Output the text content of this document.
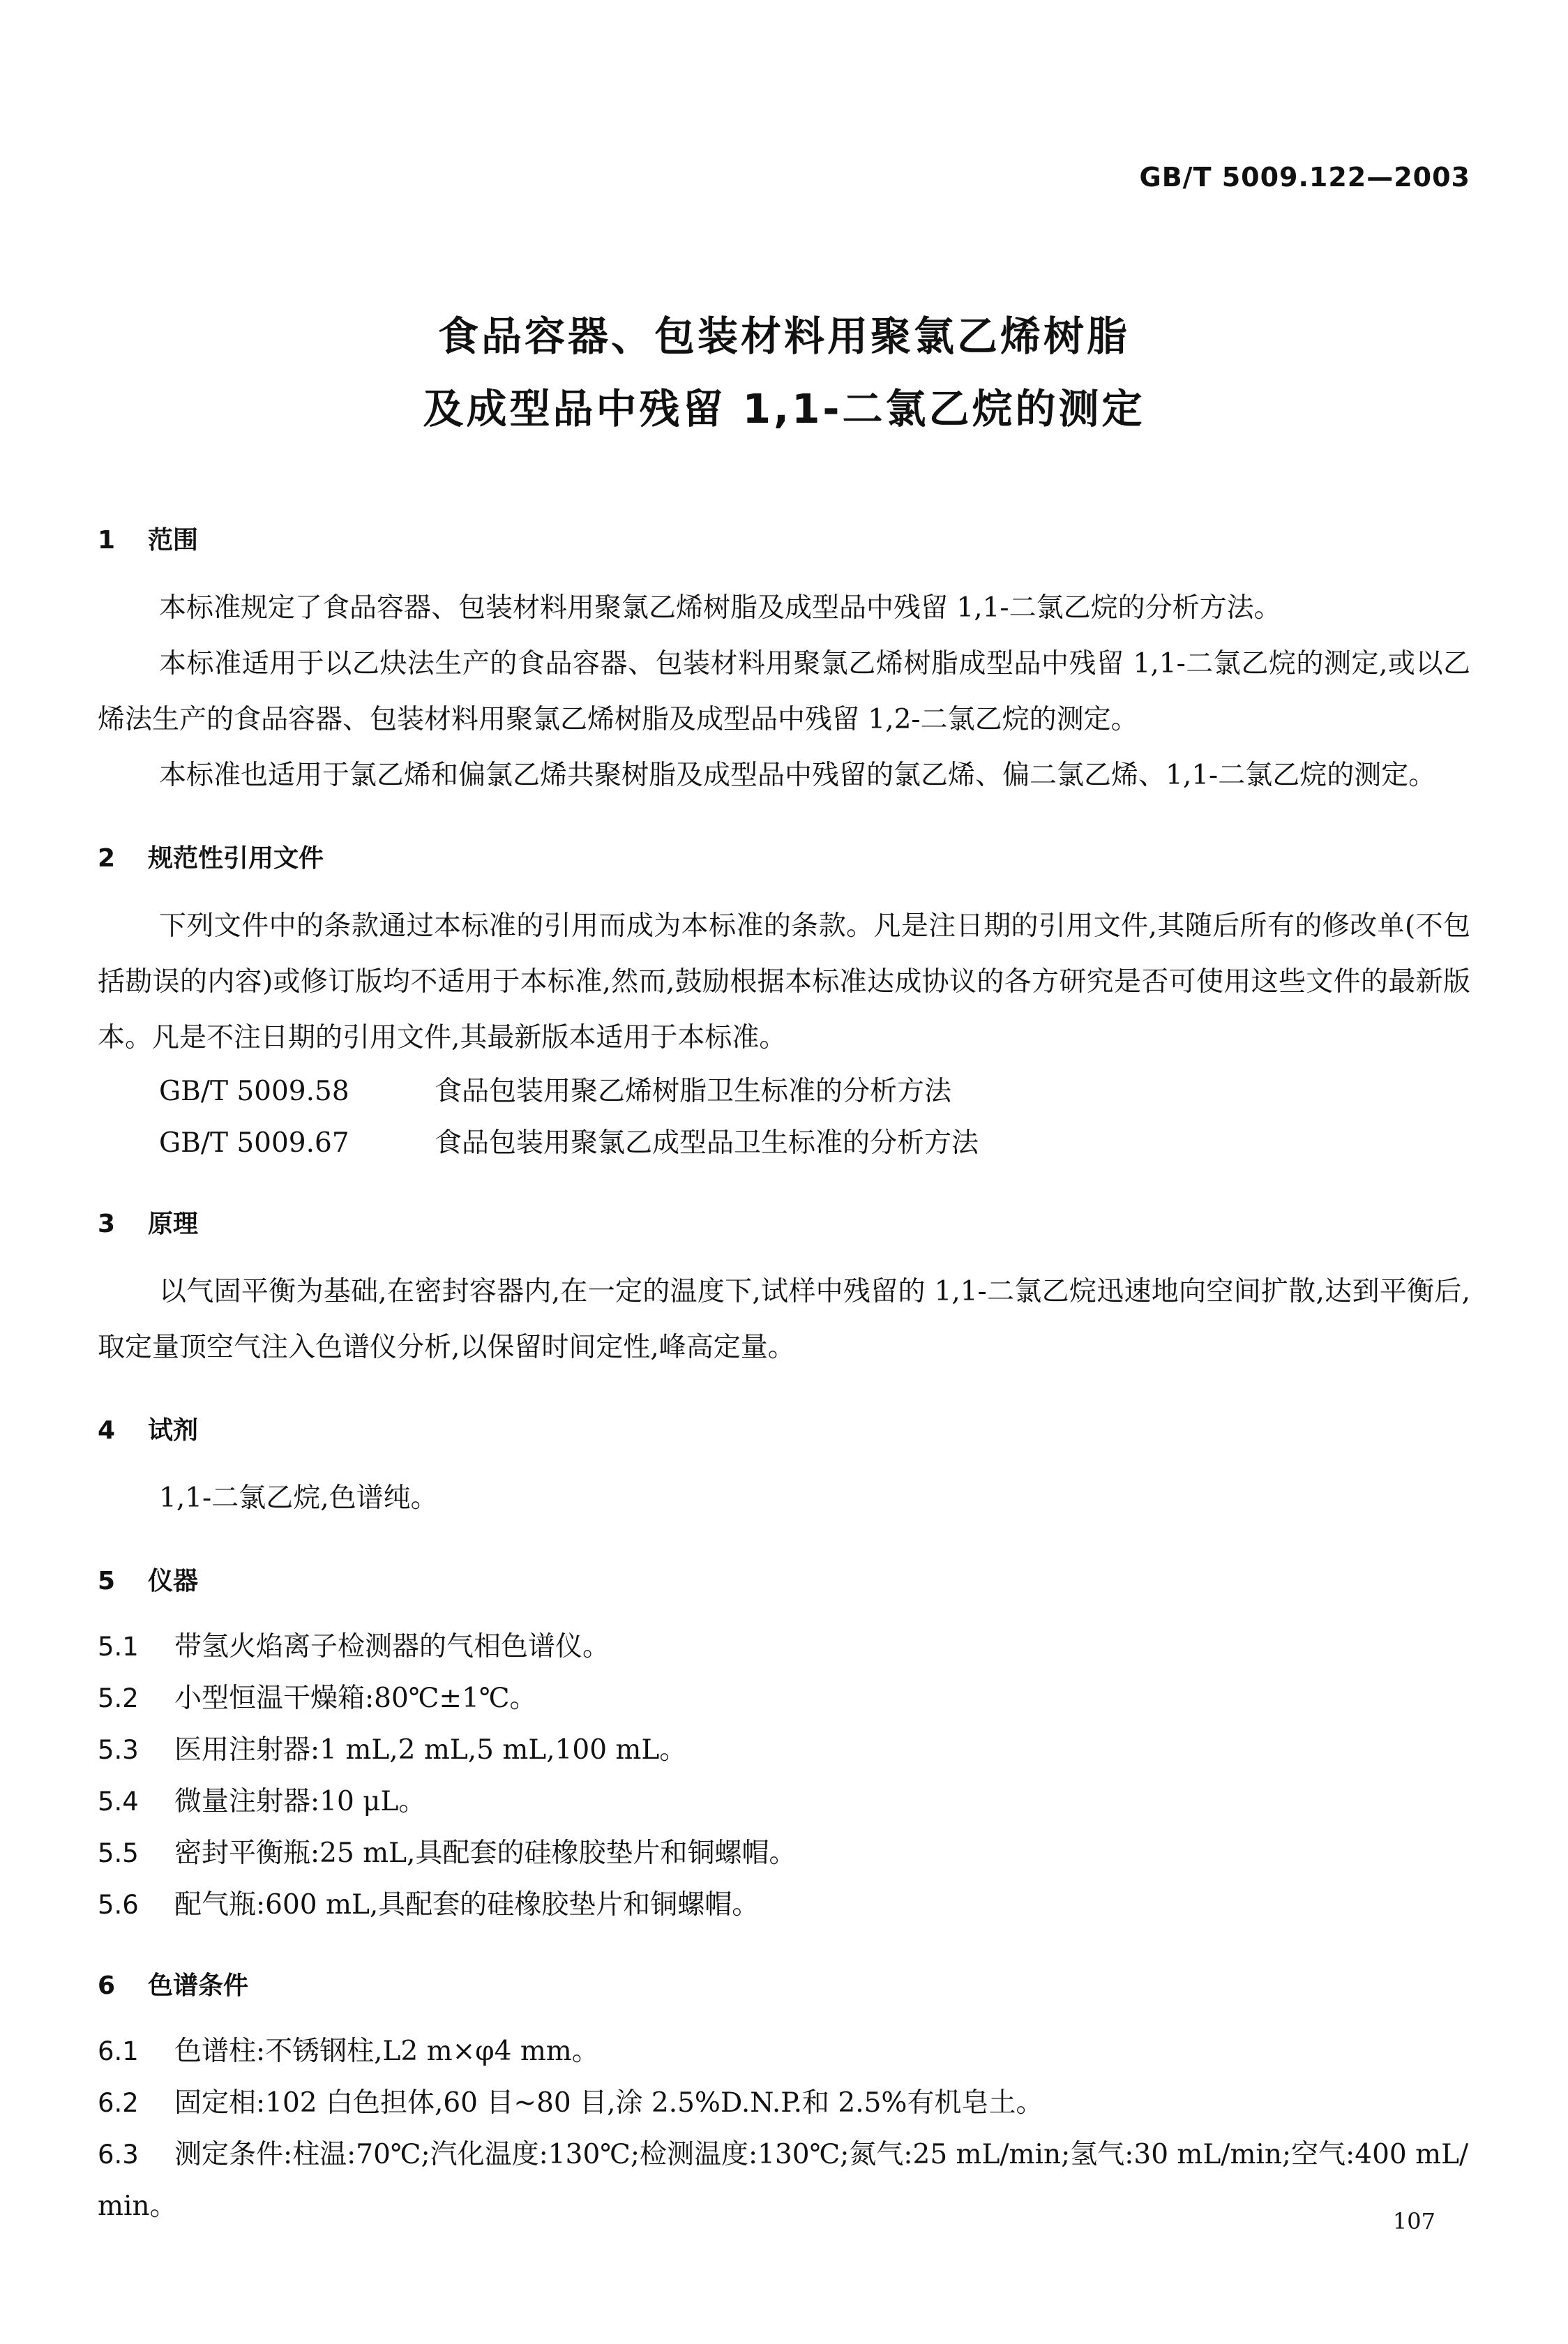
GB/T 5009.122—2003
食品容器、包装材料用聚氯乙烯树脂
及成型品中残留 1,1-二氯乙烷的测定
1 范围
本标准规定了食品容器、包装材料用聚氯乙烯树脂及成型品中残留 1,1-二氯乙烷的分析方法。
本标准适用于以乙炔法生产的食品容器、包装材料用聚氯乙烯树脂成型品中残留 1,1-二氯乙烷的测定,或以乙烯法生产的食品容器、包装材料用聚氯乙烯树脂及成型品中残留 1,2-二氯乙烷的测定。
本标准也适用于氯乙烯和偏氯乙烯共聚树脂及成型品中残留的氯乙烯、偏二氯乙烯、1,1-二氯乙烷的测定。
2 规范性引用文件
下列文件中的条款通过本标准的引用而成为本标准的条款。凡是注日期的引用文件,其随后所有的修改单(不包括勘误的内容)或修订版均不适用于本标准,然而,鼓励根据本标准达成协议的各方研究是否可使用这些文件的最新版本。凡是不注日期的引用文件,其最新版本适用于本标准。
GB/T 5009.58	食品包装用聚乙烯树脂卫生标准的分析方法
GB/T 5009.67	食品包装用聚氯乙成型品卫生标准的分析方法
3 原理
以气固平衡为基础,在密封容器内,在一定的温度下,试样中残留的 1,1-二氯乙烷迅速地向空间扩散,达到平衡后,取定量顶空气注入色谱仪分析,以保留时间定性,峰高定量。
4 试剂
1,1-二氯乙烷,色谱纯。
5 仪器
5.1 带氢火焰离子检测器的气相色谱仪。
5.2 小型恒温干燥箱:80℃±1℃。
5.3 医用注射器:1 mL,2 mL,5 mL,100 mL。
5.4 微量注射器:10 μL。
5.5 密封平衡瓶:25 mL,具配套的硅橡胶垫片和铜螺帽。
5.6 配气瓶:600 mL,具配套的硅橡胶垫片和铜螺帽。
6 色谱条件
6.1 色谱柱:不锈钢柱,L2 m×φ4 mm。
6.2 固定相:102 白色担体,60 目~80 目,涂 2.5%D.N.P.和 2.5%有机皂土。
6.3 测定条件:柱温:70℃;汽化温度:130℃;检测温度:130℃;氮气:25 mL/min;氢气:30 mL/min;空气:400 mL/min。	107
